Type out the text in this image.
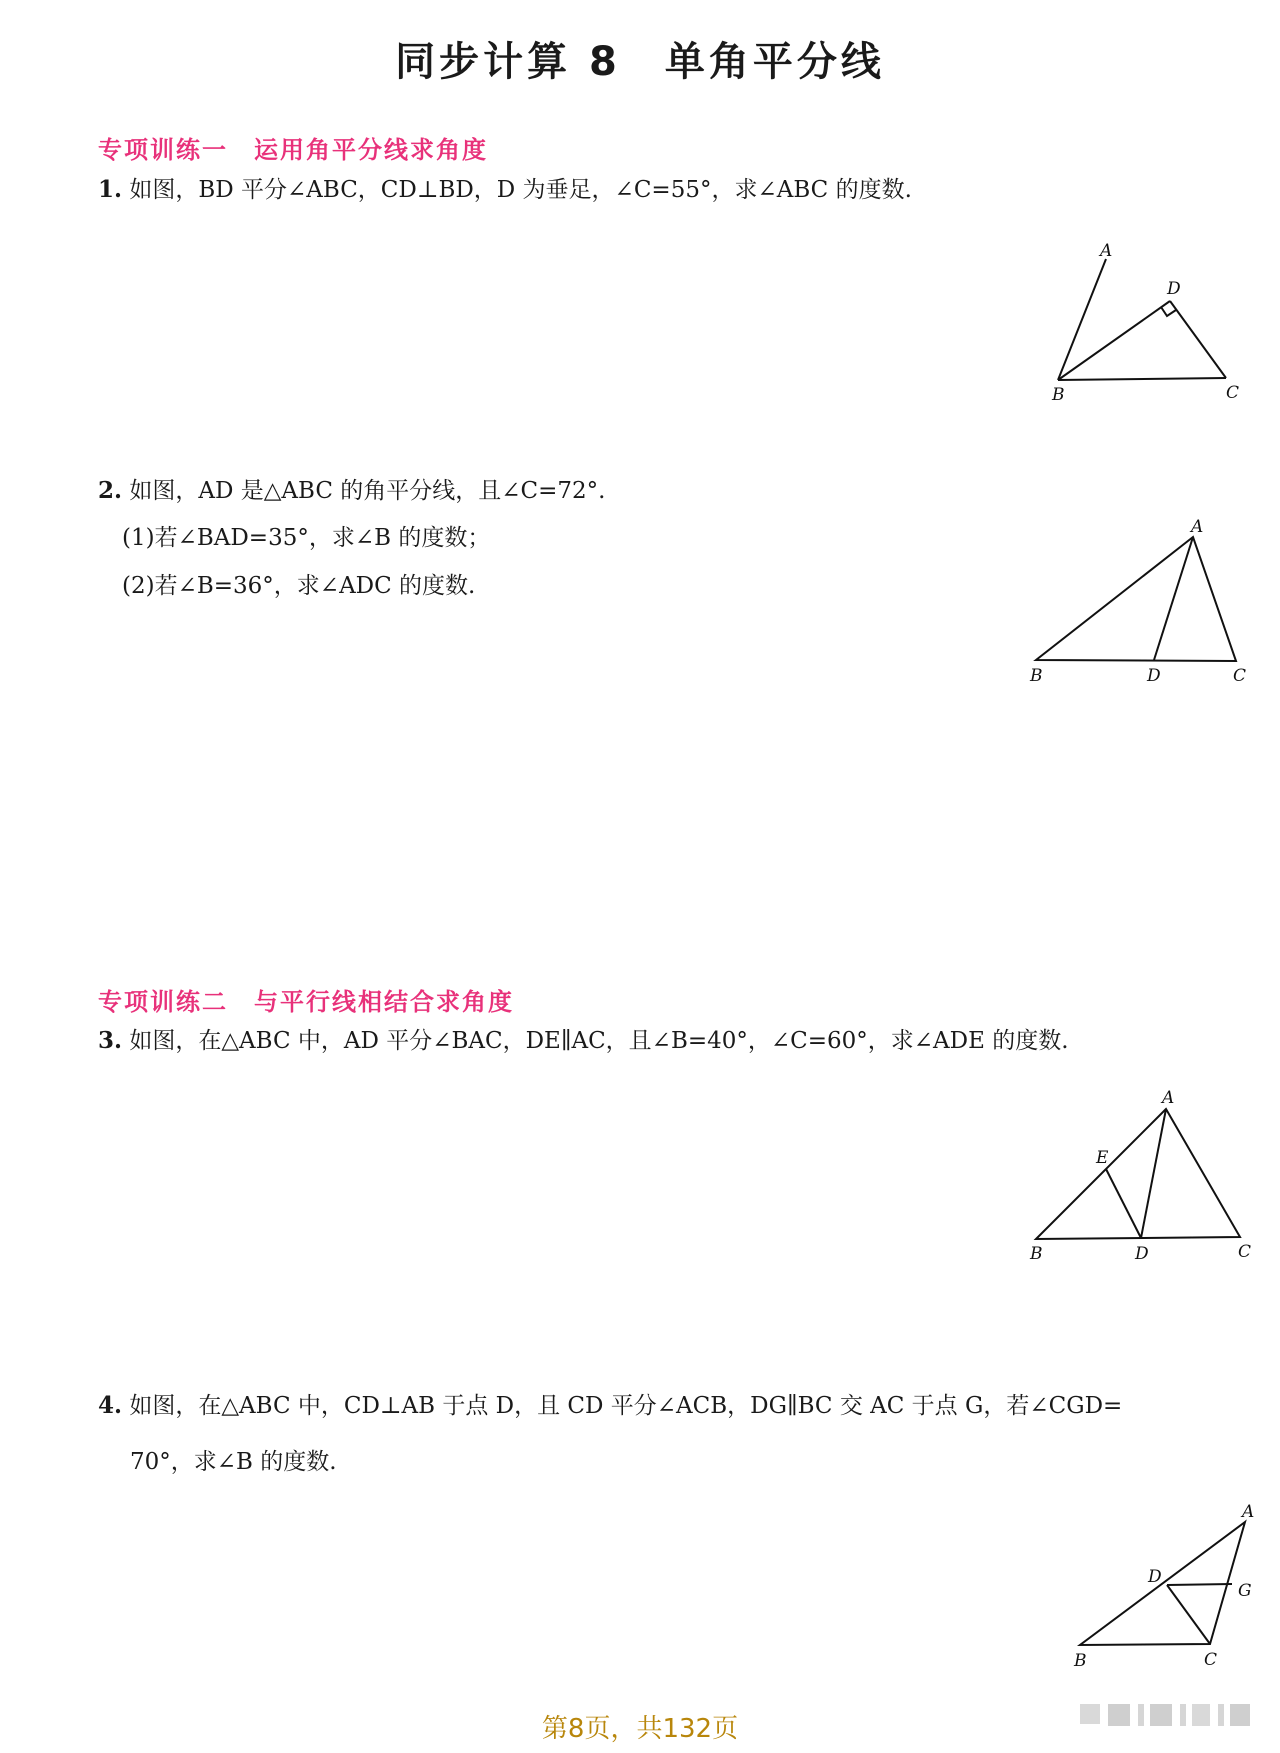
同步计算 8　单角平分线
专项训练一　运用角平分线求角度
1. 如图，BD 平分∠ABC，CD⊥BD，D 为垂足，∠C=55°，求∠ABC 的度数.
A
D
B	C
2. 如图，AD 是△ABC 的角平分线，且∠C=72°.
(1)若∠BAD=35°，求∠B 的度数；
(2)若∠B=36°，求∠ADC 的度数.
A
B	D	C
专项训练二　与平行线相结合求角度
3. 如图，在△ABC 中，AD 平分∠BAC，DE∥AC，且∠B=40°，∠C=60°，求∠ADE 的度数.
A
E
B	D	C
4. 如图，在△ABC 中，CD⊥AB 于点 D，且 CD 平分∠ACB，DG∥BC 交 AC 于点 G，若∠CGD=
70°，求∠B 的度数.
A
D
G
B	C
第8页，共132页
